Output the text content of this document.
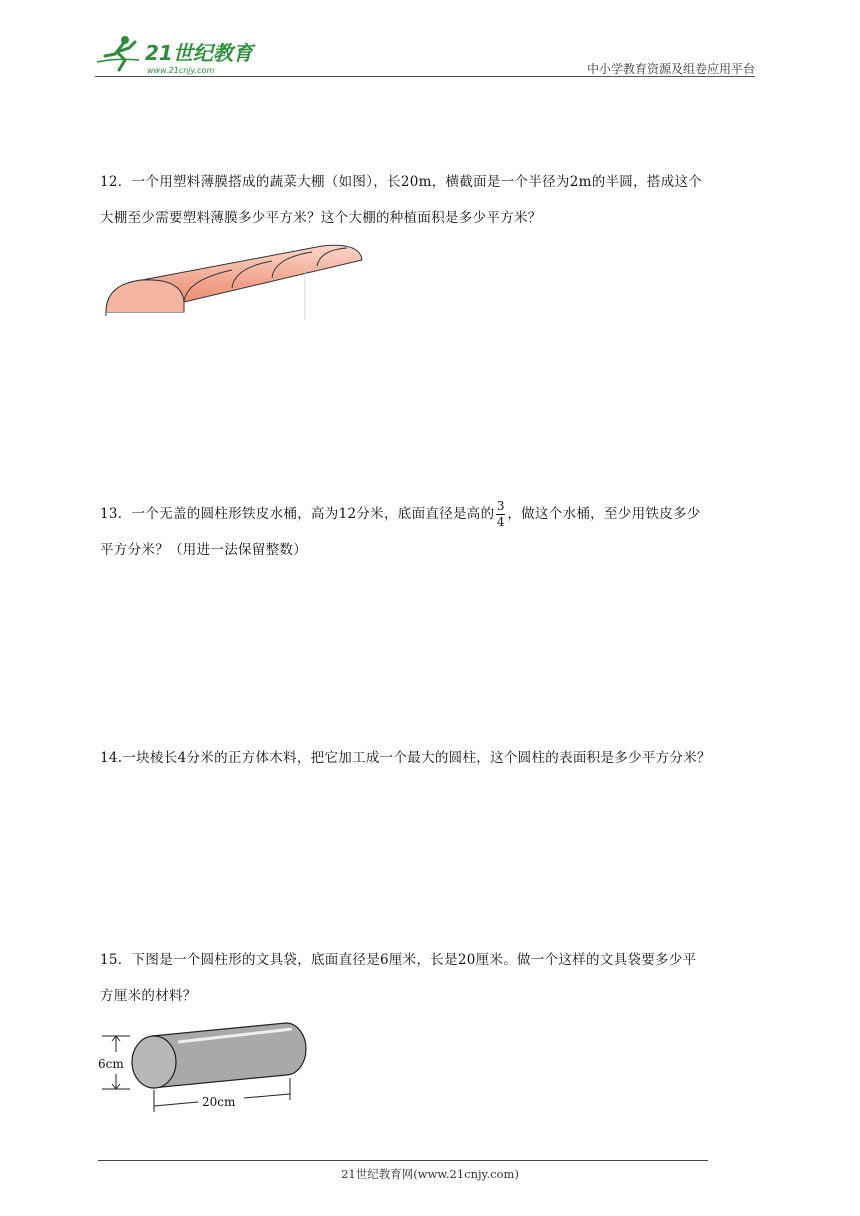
21世纪教育
www.21cnjy.com	中小学教育资源及组卷应用平台
12．一个用塑料薄膜搭成的蔬菜大棚（如图），长20m，横截面是一个半径为2m的半圆，搭成这个
大棚至少需要塑料薄膜多少平方米？这个大棚的种植面积是多少平方米？
13．一个无盖的圆柱形铁皮水桶，高为12分米，底面直径是高的 $\frac{3}{4}$ ，做这个水桶，至少用铁皮多少
平方分米？（用进一法保留整数）
14.一块棱长4分米的正方体木料，把它加工成一个最大的圆柱，这个圆柱的表面积是多少平方分米？
15．下图是一个圆柱形的文具袋，底面直径是6厘米，长是20厘米。做一个这样的文具袋要多少平
方厘米的材料？
6cm
20cm
21世纪教育网(www.21cnjy.com)
